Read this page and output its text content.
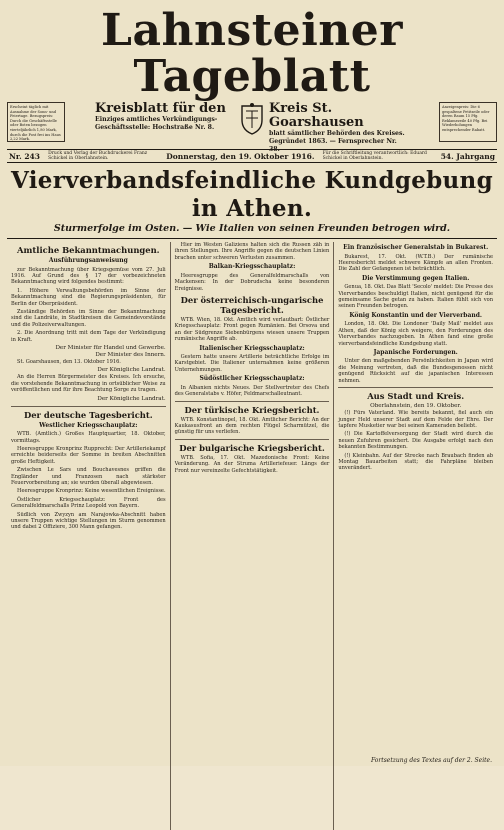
Lahnsteiner Tageblatt
Erscheint täglich mit Ausnahme der Sonn- und Feiertage. Bezugspreis: Durch die Geschäftsstelle oder Boten bezogen vierteljährlich 1,80 Mark, durch die Post frei ins Haus 2,22 Mark.
Kreisblatt für den
Einziges amtliches Verkündigungs-
Geschäftsstelle: Hochstraße Nr. 8.
Kreis St. Goarshausen
blatt sämtlicher Behörden des Kreises.
Gegründet 1863. — Fernsprecher Nr. 38.
Anzeigenpreis: Die 6 gespaltene Petitzeile oder deren Raum 15 Pfg. Reklamezeile 40 Pfg. Bei Wiederholungen entsprechender Rabatt.
Nr. 243 Druck und Verlag der Buchdruckerei Franz Schickel in Oberlahnstein.	Donnerstag, den 19. Oktober 1916. Für die Schriftleitung verantwortlich: Eduard Schickel in Oberlahnstein.	54. Jahrgang
Vierverbandsfeindliche Kundgebung in Athen.
Sturmerfolge im Osten. — Wie Italien von seinen Freunden betrogen wird.
Amtliche Bekanntmachungen.
Ausführungsanweisung

zur Bekanntmachung über Kriegsgemüse vom 27. Juli 1916. Auf Grund des § 17 der vorbezeichneten Bekanntmachung wird folgendes bestimmt:

1. Höhere Verwaltungsbehörden im Sinne der Bekanntmachung sind die Regierungspräsidenten, für Berlin der Oberpräsident.

Zuständige Behörden im Sinne der Bekanntmachung sind die Landräte, in Stadtkreisen die Gemeindevorstände und die Polizeiverwaltungen.

2. Die Anordnung tritt mit dem Tage der Verkündigung in Kraft.

Der Minister für Handel und Gewerbe.
Der Minister des Innern.

St. Goarshausen, den 13. Oktober 1916.

Der Königliche Landrat.

An die Herren Bürgermeister des Kreises. Ich ersuche, die vorstehende Bekanntmachung in ortsüblicher Weise zu veröffentlichen und für ihre Beachtung Sorge zu tragen.

Der Königliche Landrat.
Der deutsche Tagesbericht.
Westlicher Kriegsschauplatz:

WTB. (Amtlich.) Großes Hauptquartier, 18. Oktober, vormittags.

Heeresgruppe Kronprinz Rupprecht: Der Artilleriekampf erreichte beiderseits der Somme in breiten Abschnitten große Heftigkeit.

Zwischen Le Sars und Bouchavesnes griffen die Engländer und Franzosen nach stärkster Feuervorbereitung an; sie wurden überall abgewiesen.

Heeresgruppe Kronprinz: Keine wesentlichen Ereignisse.

Östlicher Kriegsschauplatz: Front des Generalfeldmarschalls Prinz Leopold von Bayern.

Südlich von Zwyzyn am Narajowka-Abschnitt haben unsere Truppen wichtige Stellungen im Sturm genommen und dabei 2 Offiziere, 300 Mann gefangen.

Hier im Westen Galiziens halten sich die Russen zäh in ihren Stellungen. Ihre Angriffe gegen die deutschen Linien brachen unter schweren Verlusten zusammen.

Balkan-Kriegsschauplatz:

Heeresgruppe des Generalfeldmarschalls von Mackensen: In der Dobrudscha keine besonderen Ereignisse.

Der österreichisch-ungarische Tagesbericht.

WTB. Wien, 18. Okt. Amtlich wird verlautbart: Östlicher Kriegsschauplatz: Front gegen Rumänien. Bei Orsova und an der Südgrenze Siebenbürgens wiesen unsere Truppen rumänische Angriffe ab.

Italienischer Kriegsschauplatz:

Gestern hatte unsere Artillerie beträchtliche Erfolge im Karstgebiet. Die Italiener unternahmen keine größeren Unternehmungen.

Südöstlicher Kriegsschauplatz:

In Albanien nichts Neues. Der Stellvertreter des Chefs des Generalstabs v. Höfer, Feldmarschalleutnant.

Der türkische Kriegsbericht.

WTB. Konstantinopel, 18. Okt. Amtlicher Bericht: An der Kaukasusfront an dem rechten Flügel Scharmützel, die günstig für uns verliefen.

Der bulgarische Kriegsbericht.

WTB. Sofia, 17. Okt. Mazedonische Front: Keine Veränderung. An der Struma Artilleriefeuer. Längs der Front nur vereinzelte Gefechtstätigkeit.

Ein französischer Generalstab in Bukarest.

Bukarest, 17. Okt. (W.T.B.) Der rumänische Heeresbericht meldet schwere Kämpfe an allen Fronten. Die Zahl der Gefangenen ist beträchtlich.

Die Verstimmung gegen Italien.

Genua, 18. Okt. Das Blatt 'Secolo' meldet: Die Presse des Vierverbandes beschuldigt Italien, nicht genügend für die gemeinsame Sache getan zu haben. Italien fühlt sich von seinen Freunden betrogen.

König Konstantin und der Vierverband.

London, 18. Okt. Die Londoner 'Daily Mail' meldet aus Athen, daß der König sich weigere, den Forderungen des Vierverbandes nachzugeben. In Athen fand eine große vierverbandsfeindliche Kundgebung statt.

Japanische Forderungen.

Unter den maßgebenden Persönlichkeiten in Japan wird die Meinung vertreten, daß die Bundesgenossen nicht genügend Rücksicht auf die japanischen Interessen nehmen.

Aus Stadt und Kreis.
Oberlahnstein, den 19. Oktober.

(!) Fürs Vaterland. Wie bereits bekannt, fiel auch ein junger Held unserer Stadt auf dem Felde der Ehre. Der tapfere Musketier war bei seinen Kameraden beliebt.

(!) Die Kartoffelversorgung der Stadt wird durch die neuen Zufuhren gesichert. Die Ausgabe erfolgt nach den bekannten Bestimmungen.

(!) Kleinbahn. Auf der Strecke nach Braubach finden ab Montag Bauarbeiten statt; die Fahrpläne bleiben unverändert.

Fortsetzung des Textes auf der 2. Seite.
